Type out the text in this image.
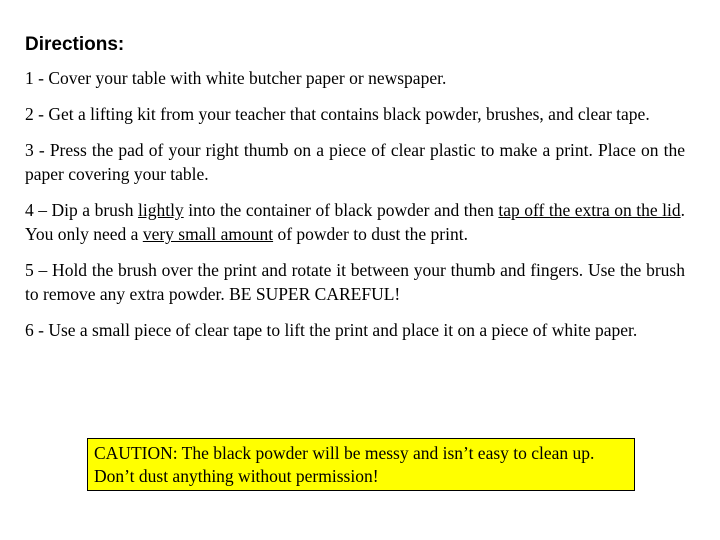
Directions:

1 - Cover your table with white butcher paper or newspaper.

2 - Get a lifting kit from your teacher that contains black powder, brushes, and clear tape.

3 - Press the pad of your right thumb on a piece of clear plastic to make a print. Place on the paper covering your table.

4 – Dip a brush lightly into the container of black powder and then tap off the extra on the lid. You only need a very small amount of powder to dust the print.

5 – Hold the brush over the print and rotate it between your thumb and fingers. Use the brush to remove any extra powder. BE SUPER CAREFUL!

6 - Use a small piece of clear tape to lift the print and place it on a piece of white paper.

CAUTION: The black powder will be messy and isn’t easy to clean up. Don’t dust anything without permission!
